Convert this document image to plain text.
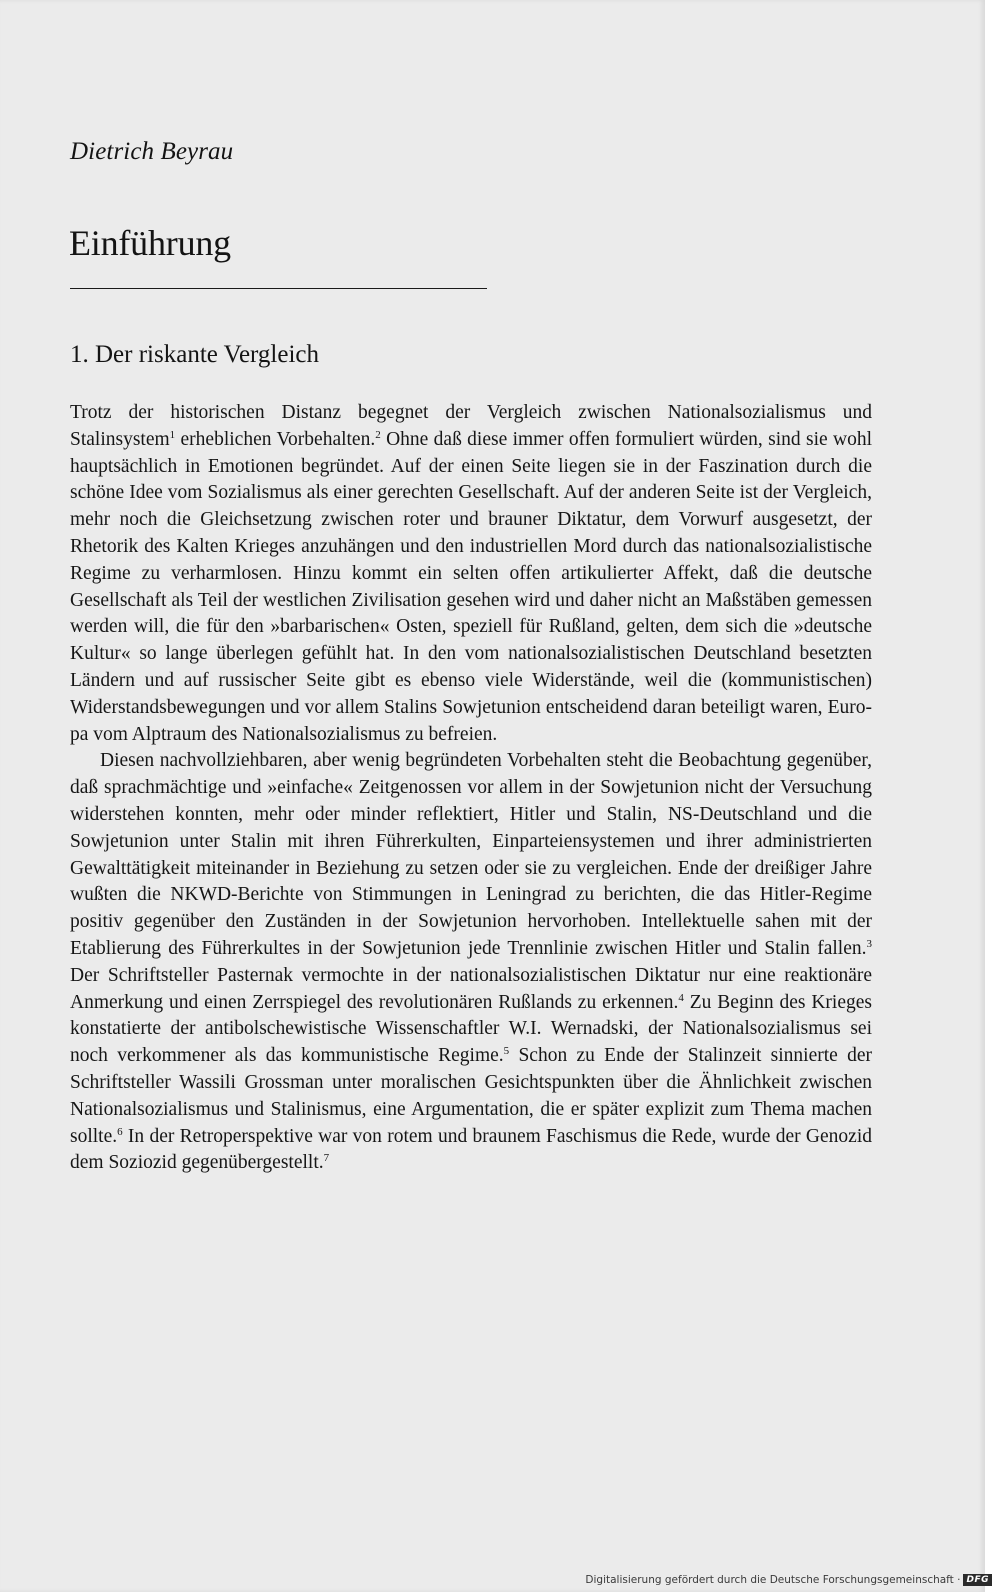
Dietrich Beyrau
Einführung
1. Der riskante Vergleich

Trotz der historischen Distanz begegnet der Vergleich zwischen Nationalsozialismus und Stalinsystem$^1$ erheblichen Vorbehalten.$^2$ Ohne daß diese immer offen formuliert würden, sind sie wohl hauptsächlich in Emotionen begründet. Auf der einen Seite liegen sie in der Faszination durch die schöne Idee vom Sozialismus als einer gerechten Gesellschaft. Auf der anderen Seite ist der Vergleich, mehr noch die Gleichsetzung zwischen roter und brauner Diktatur, dem Vorwurf ausgesetzt, der Rhetorik des Kalten Krieges anzuhängen und den industriellen Mord durch das nationalsozialistische Regime zu verharmlosen. Hinzu kommt ein selten offen artikulierter Affekt, daß die deutsche Gesellschaft als Teil der westlichen Zivilisation gesehen wird und daher nicht an Maßstäben gemessen werden will, die für den »barbarischen« Osten, speziell für Rußland, gelten, dem sich die »deutsche Kultur« so lange überlegen gefühlt hat. In den vom nationalsozialistischen Deutschland besetzten Ländern und auf russischer Seite gibt es ebenso viele Widerstände, weil die (kommunistischen) Widerstandsbewegungen und vor allem Stalins Sowjetunion entscheidend daran beteiligt waren, Europa vom Alptraum des Nationalsozialismus zu befreien.

Diesen nachvollziehbaren, aber wenig begründeten Vorbehalten steht die Beobachtung gegenüber, daß sprachmächtige und »einfache« Zeitgenossen vor allem in der Sowjetunion nicht der Versuchung widerstehen konnten, mehr oder minder reflektiert, Hitler und Stalin, NS-Deutschland und die Sowjetunion unter Stalin mit ihren Führerkulten, Einparteiensystemen und ihrer administrierten Gewalttätigkeit miteinander in Beziehung zu setzen oder sie zu vergleichen. Ende der dreißiger Jahre wußten die NKWD-Berichte von Stimmungen in Leningrad zu berichten, die das Hitler-Regime positiv gegenüber den Zuständen in der Sowjetunion hervorhoben. Intellektuelle sahen mit der Etablierung des Führerkultes in der Sowjetunion jede Trennlinie zwischen Hitler und Stalin fallen.$^3$ Der Schriftsteller Pasternak vermochte in der nationalsozialistischen Diktatur nur eine reaktionäre Anmerkung und einen Zerrspiegel des revolutionären Rußlands zu erkennen.$^4$ Zu Beginn des Krieges konstatierte der antibolschewistische Wissenschaftler W.I. Wernadski, der Nationalsozialismus sei noch verkommener als das kommunistische Regime.$^5$ Schon zu Ende der Stalinzeit sinnierte der Schriftsteller Wassili Grossman unter moralischen Gesichtspunkten über die Ähnlichkeit zwischen Nationalsozialismus und Stalinismus, eine Argumentation, die er später explizit zum Thema machen sollte.$^6$ In der Retroperspektive war von rotem und braunem Faschismus die Rede, wurde der Genozid dem Soziozid gegenübergestellt.$^7$

Digitalisierung gefördert durch die Deutsche Forschungsgemeinschaft · DFG
